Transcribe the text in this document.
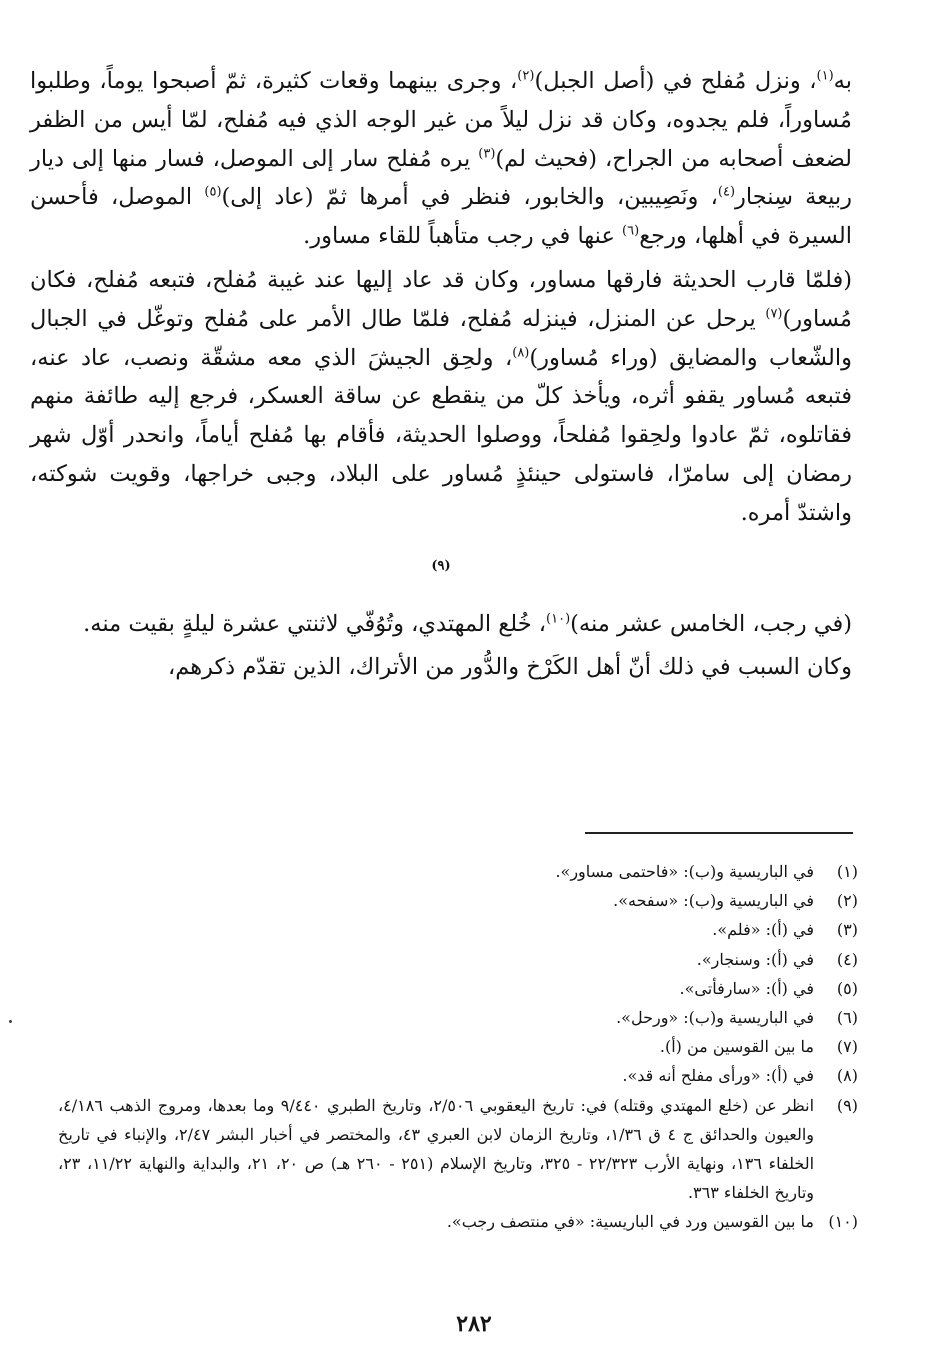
به$^{(١)}$، ونزل مُفلح في (أصل الجبل)$^{(٢)}$، وجرى بينهما وقعات كثيرة، ثمّ أصبحوا يوماً، وطلبوا مُساوراً، فلم يجدوه، وكان قد نزل ليلاً من غير الوجه الذي فيه مُفلح، لمّا أيس من الظفر لضعف أصحابه من الجراح، (فحيث لم)$^{(٣)}$ يره مُفلح سار إلى الموصل، فسار منها إلى ديار ربيعة سِنجار$^{(٤)}$، ونَصِيبين، والخابور، فنظر في أمرها ثمّ (عاد إلى)$^{(٥)}$ الموصل، فأحسن السيرة في أهلها، ورجع$^{(٦)}$ عنها في رجب متأهباً للقاء مساور.

(فلمّا قارب الحديثة فارقها مساور، وكان قد عاد إليها عند غيبة مُفلح، فتبعه مُفلح، فكان مُساور)$^{(٧)}$ يرحل عن المنزل، فينزله مُفلح، فلمّا طال الأمر على مُفلح وتوغّل في الجبال والشّعاب والمضايق (وراء مُساور)$^{(٨)}$، ولحِق الجيشَ الذي معه مشقّة ونصب، عاد عنه، فتبعه مُساور يقفو أثره، ويأخذ كلّ من ينقطع عن ساقة العسكر، فرجع إليه طائفة منهم فقاتلوه، ثمّ عادوا ولحِقوا مُفلحاً، ووصلوا الحديثة، فأقام بها مُفلح أياماً، وانحدر أوّل شهر رمضان إلى سامرّا، فاستولى حينئذٍ مُساور على البلاد، وجبى خراجها، وقويت شوكته، واشتدّ أمره.

$^{(٩)}$

(في رجب، الخامس عشر منه)$^{(١٠)}$، خُلع المهتدي، وتُوُفّي لاثنتي عشرة ليلةٍ بقيت منه.

وكان السبب في ذلك أنّ أهل الكَرْخ والدُّور من الأتراك، الذين تقدّم ذكرهم،

(١)
في الباريسية و(ب): «فاحتمى مساور».
(٢)
في الباريسية و(ب): «سفحه».
(٣)
في (أ): «فلم».
(٤)
في (أ): وسنجار».
(٥)
في (أ): «سارفأتى».
(٦)
في الباريسية و(ب): «ورحل».
(٧)
ما بين القوسين من (أ).
(٨)
في (أ): «ورأى مفلح أنه قد».
(٩)
انظر عن (خلع المهتدي وقتله) في: تاريخ اليعقوبي ٢/٥٠٦، وتاريخ الطبري ٩/٤٤٠ وما بعدها، ومروج الذهب ٤/١٨٦، والعيون والحدائق ج ٤ ق ١/٣٦، وتاريخ الزمان لابن العبري ٤٣، والمختصر في أخبار البشر ٢/٤٧، والإنباء في تاريخ الخلفاء ١٣٦، ونهاية الأرب ٢٢/٣٢٣ - ٣٢٥، وتاريخ الإسلام (٢٥١ - ٢٦٠ هـ) ص ٢٠، ٢١، والبداية والنهاية ١١/٢٢، ٢٣، وتاريخ الخلفاء ٣٦٣.
(١٠)
ما بين القوسين ورد في الباريسية: «في منتصف رجب».
٢٨٢
